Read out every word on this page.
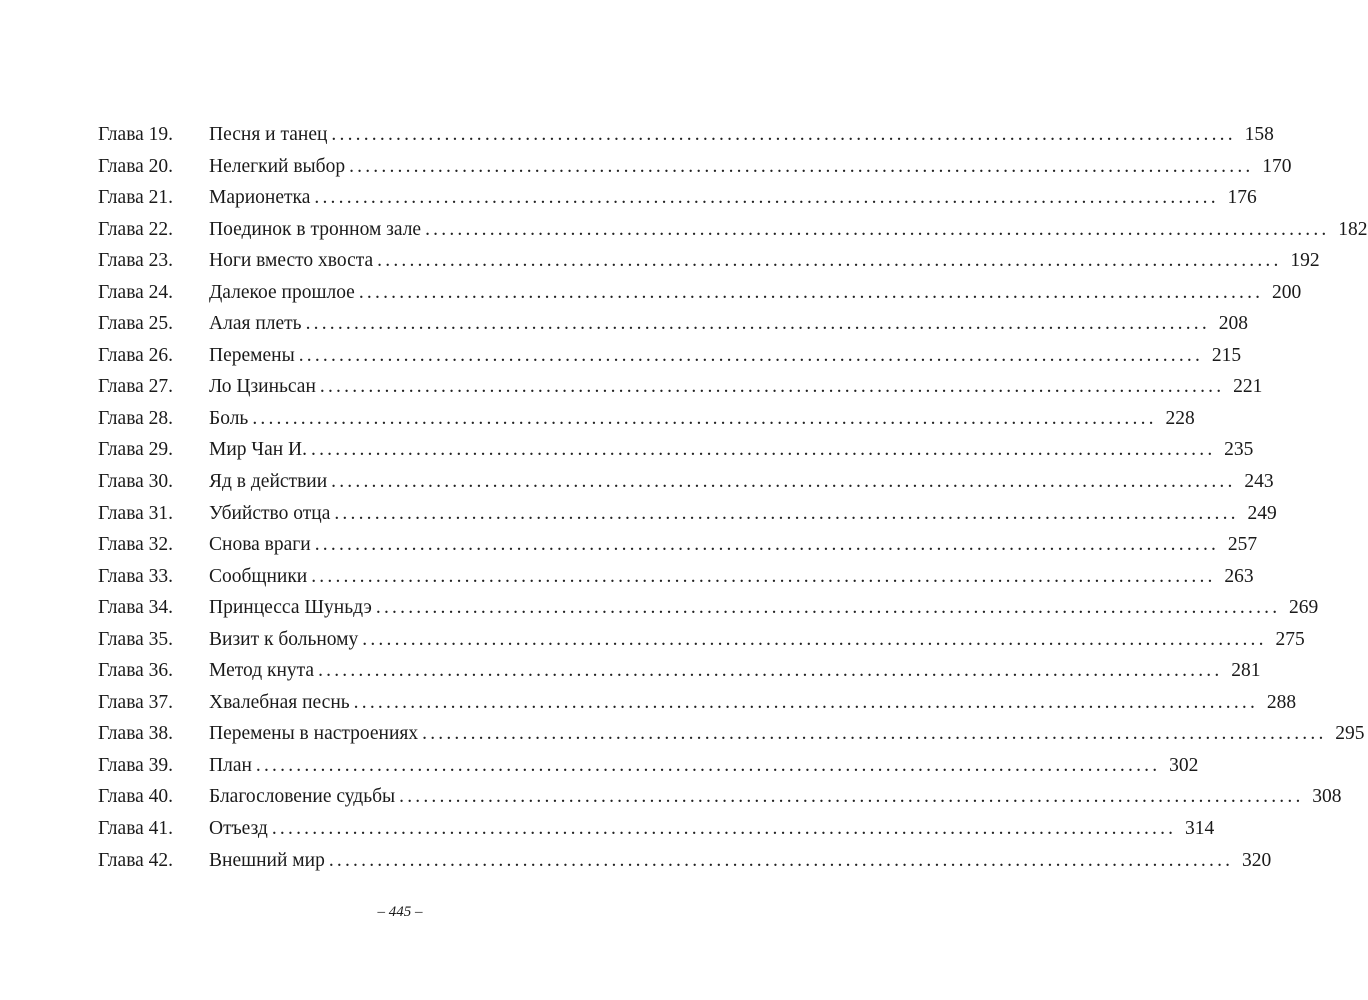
Глава 19.	Песня и танец ................................................................................................................ 158
Глава 20.	Нелегкий выбор ................................................................................................................ 170
Глава 21.	Марионетка ................................................................................................................ 176
Глава 22.	Поединок в тронном зале ................................................................................................................ 182
Глава 23.	Ноги вместо хвоста ................................................................................................................ 192
Глава 24.	Далекое прошлое ................................................................................................................ 200
Глава 25.	Алая плеть ................................................................................................................ 208
Глава 26.	Перемены ................................................................................................................ 215
Глава 27.	Ло Цзиньсан ................................................................................................................ 221
Глава 28.	Боль ................................................................................................................ 228
Глава 29.	Мир Чан И. ................................................................................................................ 235
Глава 30.	Яд в действии ................................................................................................................ 243
Глава 31.	Убийство отца ................................................................................................................ 249
Глава 32.	Снова враги ................................................................................................................ 257
Глава 33.	Сообщники ................................................................................................................ 263
Глава 34.	Принцесса Шуньдэ ................................................................................................................ 269
Глава 35.	Визит к больному ................................................................................................................ 275
Глава 36.	Метод кнута ................................................................................................................ 281
Глава 37.	Хвалебная песнь ................................................................................................................ 288
Глава 38.	Перемены в настроениях ................................................................................................................ 295
Глава 39.	План ................................................................................................................ 302
Глава 40.	Благословение судьбы ................................................................................................................ 308
Глава 41.	Отъезд ................................................................................................................ 314
Глава 42.	Внешний мир ................................................................................................................ 320
– 445 –
